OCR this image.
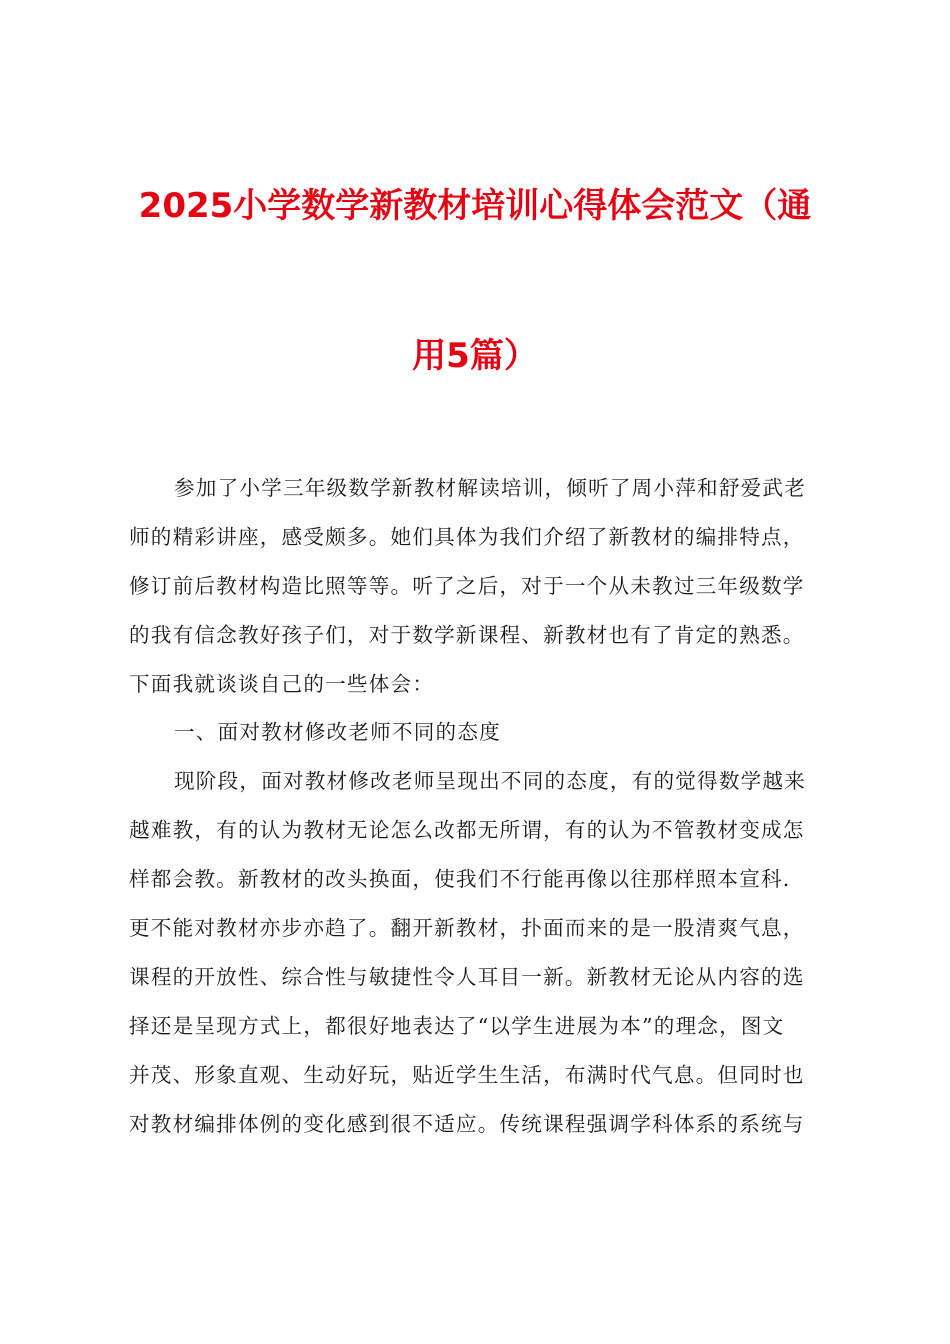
2025小学数学新教材培训心得体会范文（通
用5篇）
参加了小学三年级数学新教材解读培训，倾听了周小萍和舒爱武老
师的精彩讲座，感受颇多。她们具体为我们介绍了新教材的编排特点，
修订前后教材构造比照等等。听了之后，对于一个从未教过三年级数学
的我有信念教好孩子们，对于数学新课程、新教材也有了肯定的熟悉。
下面我就谈谈自己的一些体会：
一、面对教材修改老师不同的态度
现阶段，面对教材修改老师呈现出不同的态度，有的觉得数学越来
越难教，有的认为教材无论怎么改都无所谓，有的认为不管教材变成怎
样都会教。新教材的改头换面，使我们不行能再像以往那样照本宣科.
更不能对教材亦步亦趋了。翻开新教材，扑面而来的是一股清爽气息，
课程的开放性、综合性与敏捷性令人耳目一新。新教材无论从内容的选
择还是呈现方式上，都很好地表达了“以学生进展为本”的理念，图文
并茂、形象直观、生动好玩，贴近学生生活，布满时代气息。但同时也
对教材编排体例的变化感到很不适应。传统课程强调学科体系的系统与
